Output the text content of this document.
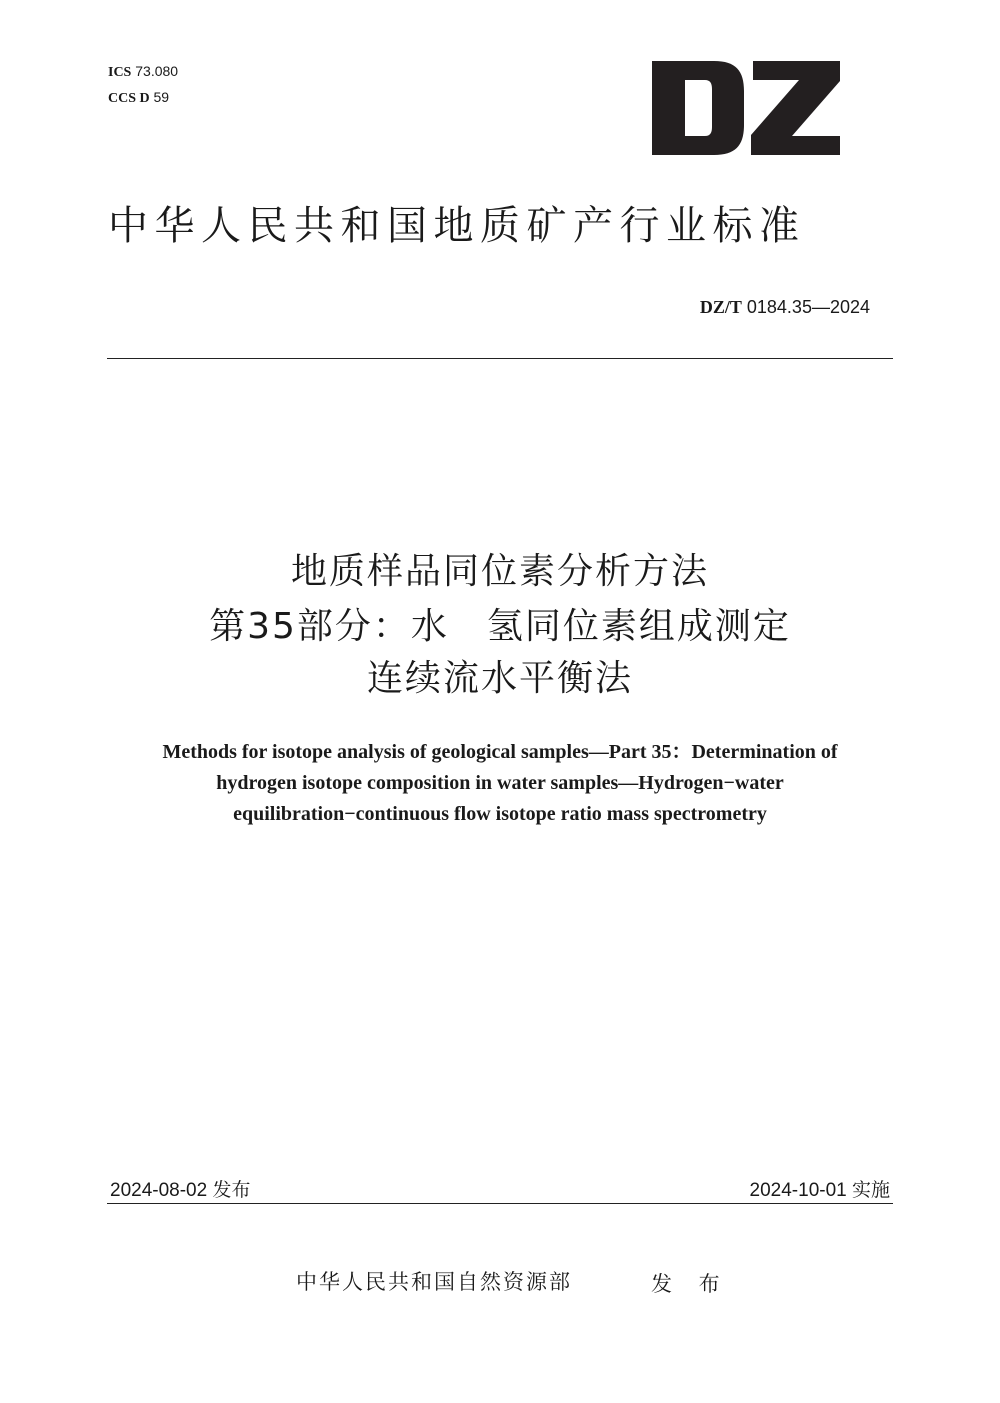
ICS 73.080
CCS D 59
中华人民共和国地质矿产行业标准
DZ/T 0184.35—2024
地质样品同位素分析方法
第35部分：水　氢同位素组成测定
连续流水平衡法
Methods for isotope analysis of geological samples—Part 35：Determination of
hydrogen isotope composition in water samples—Hydrogen−water
equilibration−continuous flow isotope ratio mass spectrometry
2024-08-02 发布	2024-10-01 实施
中华人民共和国自然资源部	发 布
